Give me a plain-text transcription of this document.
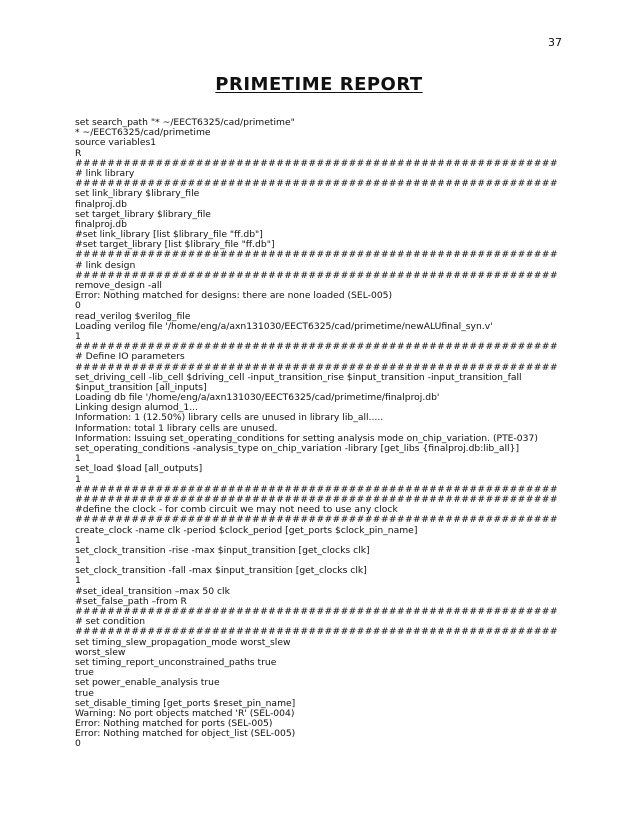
37
PRIMETIME REPORT
set search_path "* ~/EECT6325/cad/primetime"
* ~/EECT6325/cad/primetime
source variables1
R
############################################################
# link library
############################################################
set link_library $library_file
finalproj.db
set target_library $library_file
finalproj.db
#set link_library [list $library_file "ff.db"]
#set target_library [list $library_file "ff.db"]
############################################################
# link design
############################################################
remove_design -all
Error: Nothing matched for designs: there are none loaded (SEL-005)
0
read_verilog $verilog_file
Loading verilog file '/home/eng/a/axn131030/EECT6325/cad/primetime/newALUfinal_syn.v'
1
############################################################
# Define IO parameters
############################################################
set_driving_cell -lib_cell $driving_cell -input_transition_rise $input_transition -input_transition_fall
$input_transition [all_inputs]
Loading db file '/home/eng/a/axn131030/EECT6325/cad/primetime/finalproj.db'
Linking design alumod_1...
Information: 1 (12.50%) library cells are unused in library lib_all.....
Information: total 1 library cells are unused.
Information: Issuing set_operating_conditions for setting analysis mode on_chip_variation. (PTE-037)
set_operating_conditions -analysis_type on_chip_variation -library [get_libs {finalproj.db:lib_all}]
1
set_load $load [all_outputs]
1
############################################################
############################################################
#define the clock - for comb circuit we may not need to use any clock
############################################################
create_clock -name clk -period $clock_period [get_ports $clock_pin_name]
1
set_clock_transition -rise -max $input_transition [get_clocks clk]
1
set_clock_transition -fall -max $input_transition [get_clocks clk]
1
#set_ideal_transition –max 50 clk
#set_false_path –from R
############################################################
# set condition
############################################################
set timing_slew_propagation_mode worst_slew
worst_slew
set timing_report_unconstrained_paths true
true
set power_enable_analysis true
true
set_disable_timing [get_ports $reset_pin_name]
Warning: No port objects matched 'R' (SEL-004)
Error: Nothing matched for ports (SEL-005)
Error: Nothing matched for object_list (SEL-005)
0
